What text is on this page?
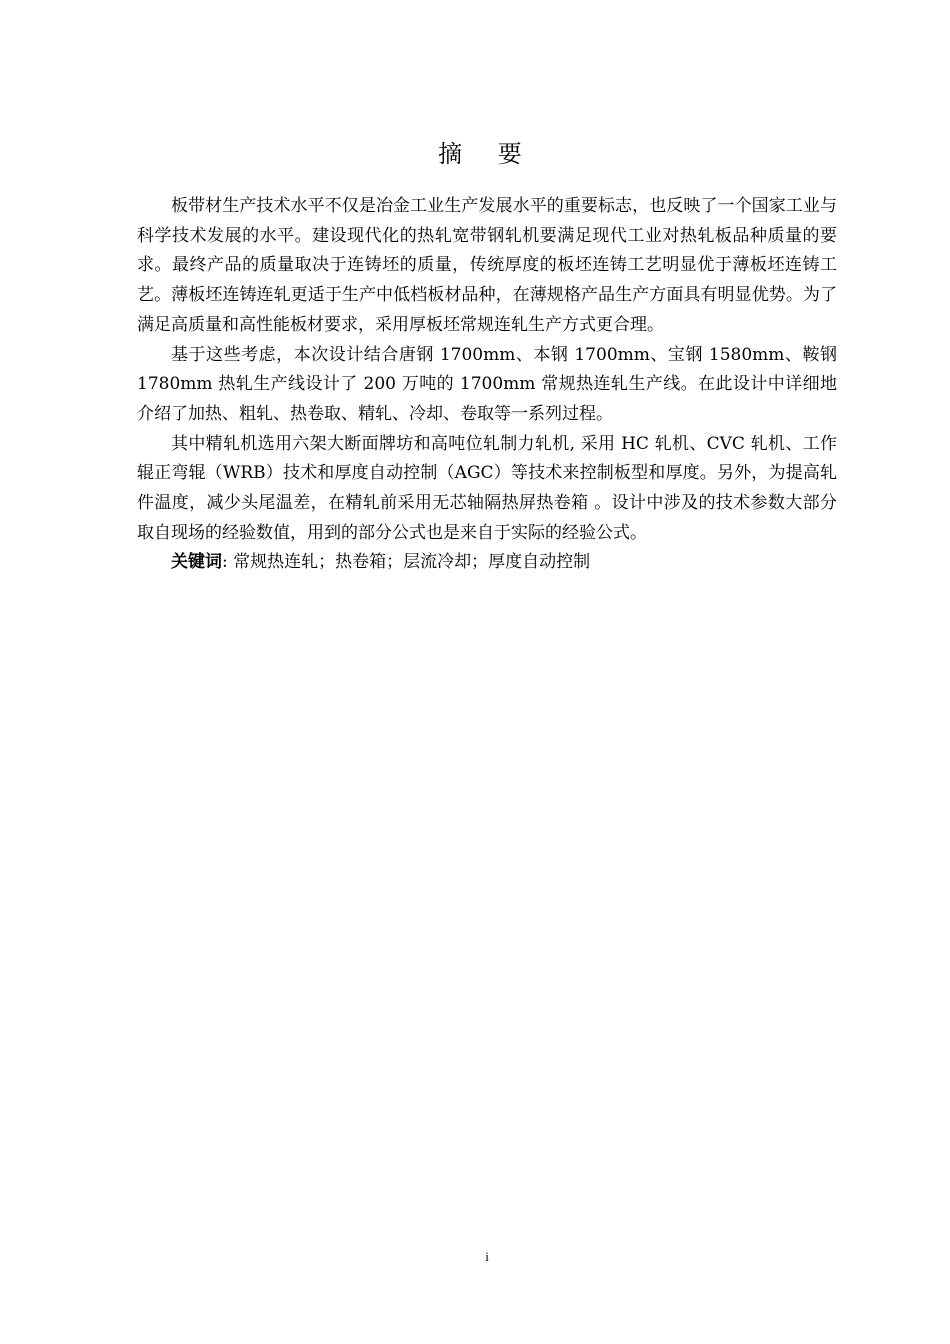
摘 要

板带材生产技术水平不仅是冶金工业生产发展水平的重要标志，也反映了一个国家工业与科学技术发展的水平。建设现代化的热轧宽带钢轧机要满足现代工业对热轧板品种质量的要求。最终产品的质量取决于连铸坯的质量，传统厚度的板坯连铸工艺明显优于薄板坯连铸工艺。薄板坯连铸连轧更适于生产中低档板材品种，在薄规格产品生产方面具有明显优势。为了满足高质量和高性能板材要求，采用厚板坯常规连轧生产方式更合理。

基于这些考虑，本次设计结合唐钢 1700mm、本钢 1700mm、宝钢 1580mm、鞍钢 1780mm 热轧生产线设计了 200 万吨的 1700mm 常规热连轧生产线。在此设计中详细地介绍了加热、粗轧、热卷取、精轧、冷却、卷取等一系列过程。

其中精轧机选用六架大断面牌坊和高吨位轧制力轧机, 采用 HC 轧机、CVC 轧机、工作辊正弯辊（WRB）技术和厚度自动控制（AGC）等技术来控制板型和厚度。另外，为提高轧件温度，减少头尾温差，在精轧前采用无芯轴隔热屏热卷箱 。设计中涉及的技术参数大部分取自现场的经验数值，用到的部分公式也是来自于实际的经验公式。

关键词: 常规热连轧；热卷箱；层流冷却；厚度自动控制

i
